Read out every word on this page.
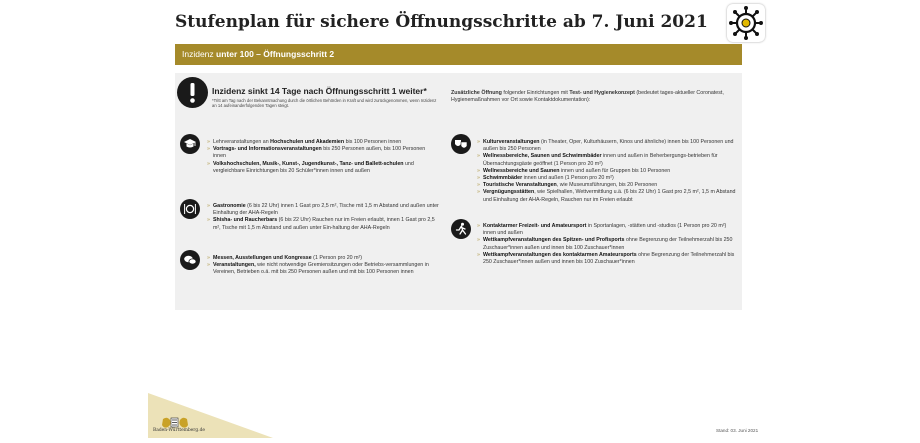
Stufenplan für sichere Öffnungsschritte ab 7. Juni 2021
Inzidenz unter 100 – Öffnungsschritt 2
Inzidenz sinkt 14 Tage nach Öffnungsschritt 1 weiter*
*Tritt am Tag nach der Bekanntmachung durch die örtlichen Behörden in Kraft und wird zurückgenommen, wenn Inzidenz an 14 aufeinanderfolgenden Tagen steigt.
Zusätzliche Öffnung folgender Einrichtungen mit Test- und Hygienekonzept (bedeutet tages-aktueller Coronatest, Hygienemaßnahmen vor Ort sowie Kontaktdokumentation):
» Lehrveranstaltungen an Hochschulen und Akademien bis 100 Personen innen
» Vortrags- und Informationsveranstaltungen bis 250 Personen außen, bis 100 Personen innen
» Volkshochschulen, Musik-, Kunst-, Jugendkunst-, Tanz- und Ballett-schulen und vergleichbare Einrichtungen bis 20 Schüler*innen innen und außen
» Gastronomie (6 bis 22 Uhr) innen 1 Gast pro 2,5 m², Tische mit 1,5 m Abstand und außen unter Einhaltung der AHA-Regeln
» Shisha- und Raucherbars (6 bis 22 Uhr) Rauchen nur im Freien erlaubt, innen 1 Gast pro 2,5 m², Tische mit 1,5 m Abstand und außen unter Ein-haltung der AHA-Regeln
» Messen, Ausstellungen und Kongresse (1 Person pro 20 m²)
» Veranstaltungen, wie nicht notwendige Gremiensitzungen oder Betriebs-versammlungen in Vereinen, Betrieben o.ä. mit bis 250 Personen außen und mit bis 100 Personen innen
» Kulturveranstaltungen (in Theater, Oper, Kulturhäusern, Kinos und ähnliche) innen bis 100 Personen und außen bis 250 Personen
» Wellnessbereiche, Saunen und Schwimmbäder innen und außen in Beherbergungs-betrieben für Übernachtungsgäste geöffnet (1 Person pro 20 m²)
» Wellnessbereiche und Saunen innen und außen für Gruppen bis 10 Personen
» Schwimmbäder innen und außen (1 Person pro 20 m²)
» Touristische Veranstaltungen, wie Museumsführungen, bis 20 Personen
» Vergnügungsstätten, wie Spielhallen, Wettvermittlung u.ä. (6 bis 22 Uhr) 1 Gast pro 2,5 m², 1,5 m Abstand und Einhaltung der AHA-Regeln, Rauchen nur im Freien erlaubt
» Kontaktarmer Freizeit- und Amateursport in Sportanlagen, -stätten und -studios (1 Person pro 20 m²) innen und außen
» Wettkampfveranstaltungen des Spitzen- und Profisports ohne Begrenzung der Teilnehmerzahl bis 250 Zuschauer*innen außen und innen bis 100 Zuschauer*innen
» Wettkampfveranstaltungen des kontaktarmen Amateursports ohne Begrenzung der Teilnehmerzahl bis 250 Zuschauer*innen außen und innen bis 100 Zuschauer*innen
Baden-Württemberg.de	Stand: 03. Juni 2021
